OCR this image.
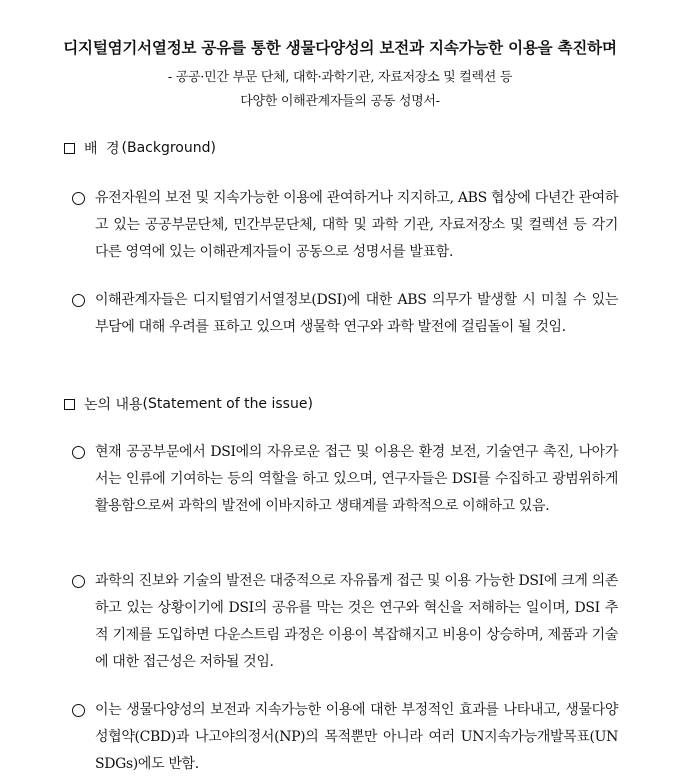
디지털염기서열정보 공유를 통한 생물다양성의 보전과 지속가능한 이용을 촉진하며
- 공공·민간 부문 단체, 대학·과학기관, 자료저장소 및 컬렉션 등
다양한 이해관계자들의 공동 성명서-
배 경 (Background)
유전자원의 보전 및 지속가능한 이용에 관여하거나 지지하고, ABS 협상에 다년간 관여하고 있는 공공부문단체, 민간부문단체, 대학 및 과학 기관, 자료저장소 및 컬렉션 등 각기 다른 영역에 있는 이해관계자들이 공동으로 성명서를 발표함.
이해관계자들은 디지털염기서열정보(DSI)에 대한 ABS 의무가 발생할 시 미칠 수 있는 부담에 대해 우려를 표하고 있으며 생물학 연구와 과학 발전에 걸림돌이 될 것임.
논의 내용 (Statement of the issue)
현재 공공부문에서 DSI에의 자유로운 접근 및 이용은 환경 보전, 기술연구 촉진, 나아가서는 인류에 기여하는 등의 역할을 하고 있으며, 연구자들은 DSI를 수집하고 광범위하게 활용함으로써 과학의 발전에 이바지하고 생태계를 과학적으로 이해하고 있음.
과학의 진보와 기술의 발전은 대중적으로 자유롭게 접근 및 이용 가능한 DSI에 크게 의존하고 있는 상황이기에 DSI의 공유를 막는 것은 연구와 혁신을 저해하는 일이며, DSI 추적 기제를 도입하면 다운스트림 과정은 이용이 복잡해지고 비용이 상승하며, 제품과 기술에 대한 접근성은 저하될 것임.
이는 생물다양성의 보전과 지속가능한 이용에 대한 부정적인 효과를 나타내고, 생물다양성협약(CBD)과 나고야의정서(NP)의 목적뿐만 아니라 여러 UN지속가능개발목표(UN SDGs)에도 반함.
